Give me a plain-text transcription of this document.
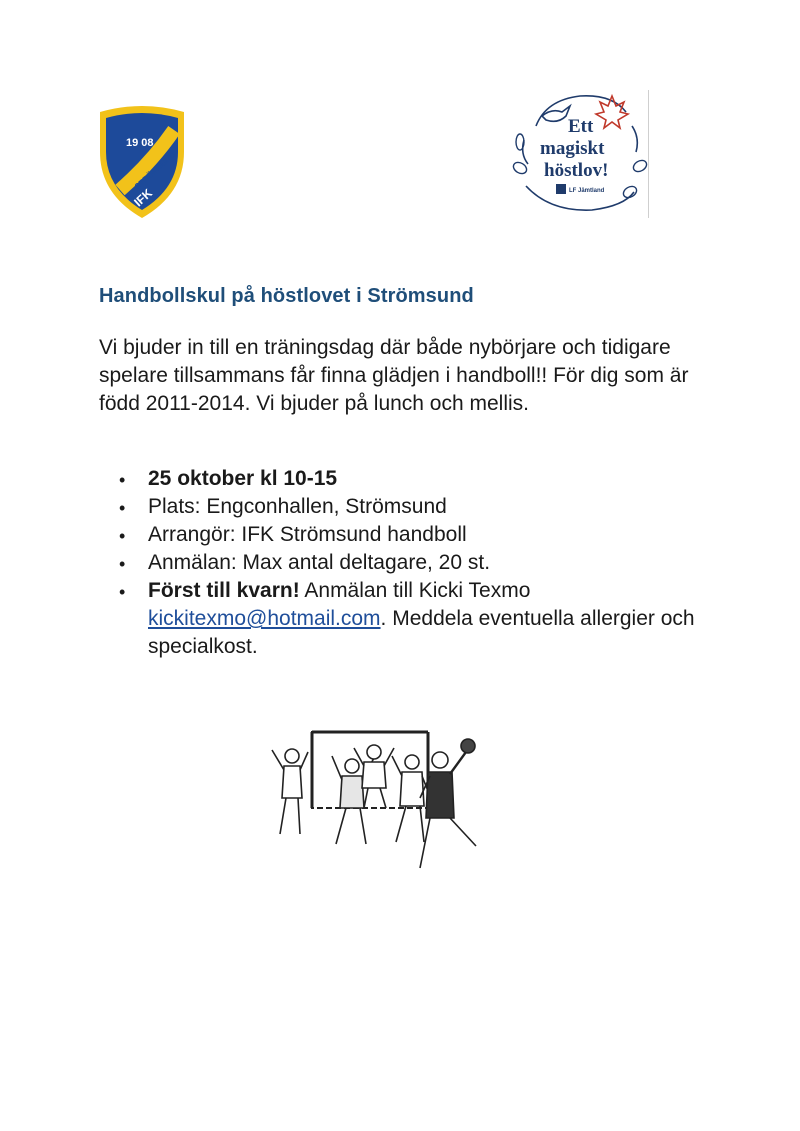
19 08
STRÖMSUND
IFK
Ett
magiskt
höstlov!
LF Jämtland
Handbollskul på höstlovet i Strömsund

Vi bjuder in till en träningsdag där både nybörjare och tidigare spelare tillsammans får finna glädjen i handboll!! För dig som är född 2011-2014. Vi bjuder på lunch och mellis.

• 25 oktober kl 10-15
• Plats: Engconhallen, Strömsund
• Arrangör: IFK Strömsund handboll
• Anmälan: Max antal deltagare, 20 st.
• Först till kvarn! Anmälan till Kicki Texmo kickitexmo@hotmail.com. Meddela eventuella allergier och specialkost.
